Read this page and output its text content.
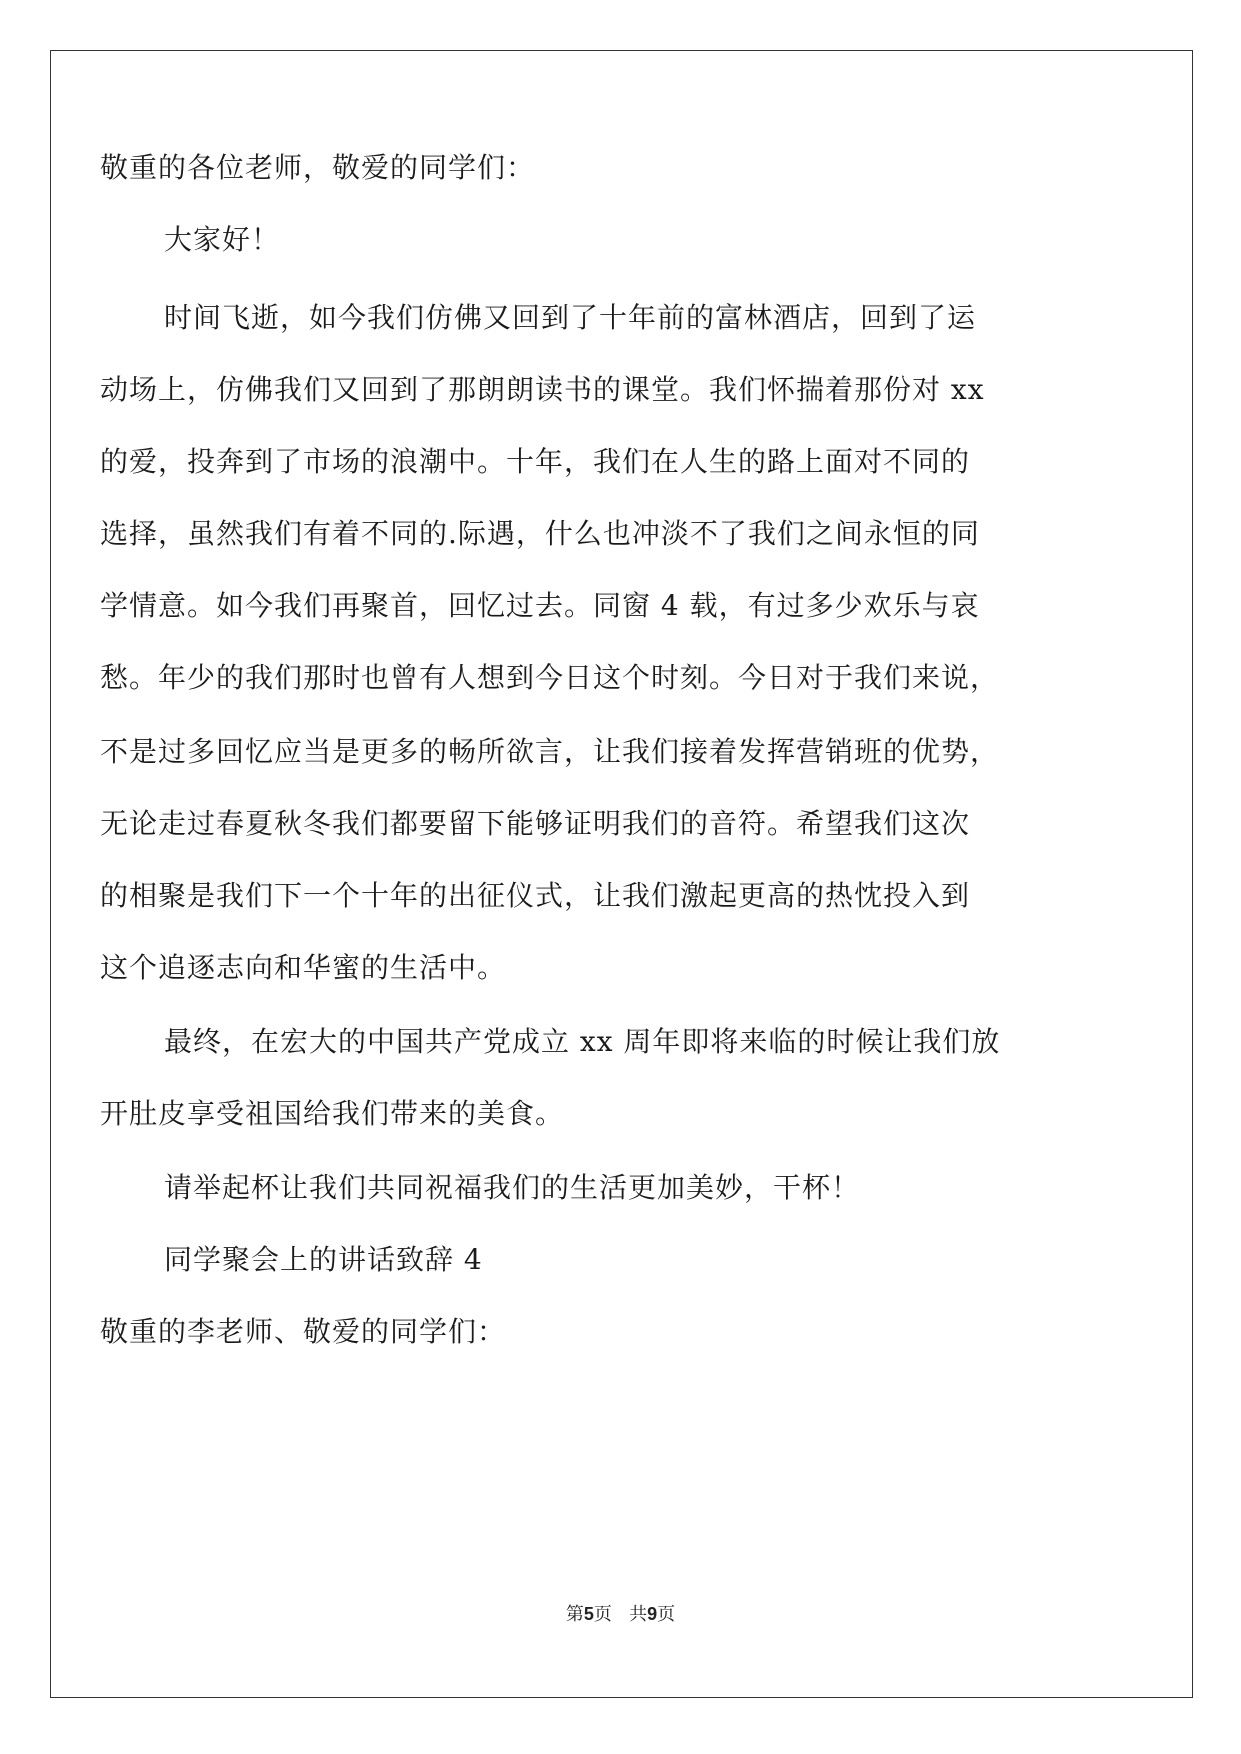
敬重的各位老师，敬爱的同学们：
大家好！
时间飞逝，如今我们仿佛又回到了十年前的富林酒店，回到了运
动场上，仿佛我们又回到了那朗朗读书的课堂。我们怀揣着那份对 xx
的爱，投奔到了市场的浪潮中。十年，我们在人生的路上面对不同的
选择，虽然我们有着不同的.际遇，什么也冲淡不了我们之间永恒的同
学情意。如今我们再聚首，回忆过去。同窗 4 载，有过多少欢乐与哀
愁。年少的我们那时也曾有人想到今日这个时刻。今日对于我们来说，
不是过多回忆应当是更多的畅所欲言，让我们接着发挥营销班的优势，
无论走过春夏秋冬我们都要留下能够证明我们的音符。希望我们这次
的相聚是我们下一个十年的出征仪式，让我们激起更高的热忱投入到
这个追逐志向和华蜜的生活中。
最终，在宏大的中国共产党成立 xx 周年即将来临的时候让我们放
开肚皮享受祖国给我们带来的美食。
请举起杯让我们共同祝福我们的生活更加美妙，干杯！
同学聚会上的讲话致辞 4
敬重的李老师、敬爱的同学们：
第5页 共9页
